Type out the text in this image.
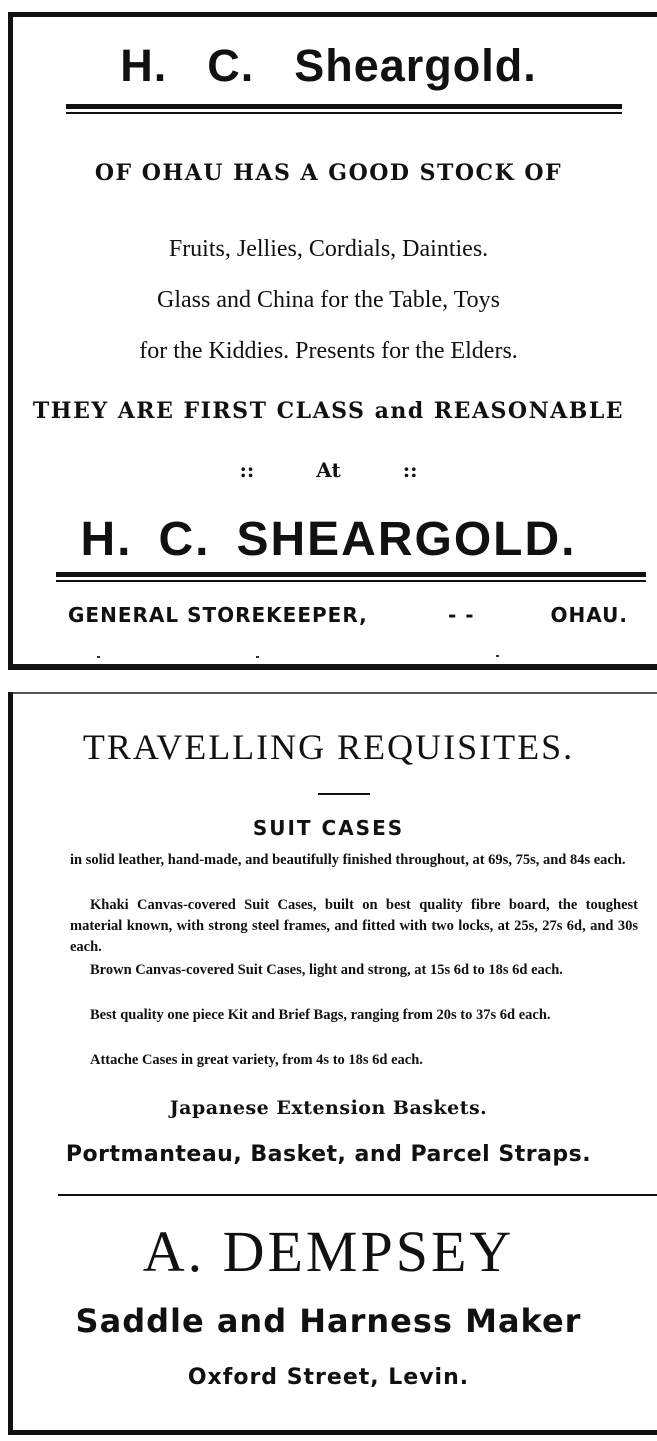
H. C. Sheargold.
OF OHAU HAS A GOOD STOCK OF
Fruits, Jellies, Cordials, Dainties.
Glass and China for the Table, Toys
for the Kiddies. Presents for the Elders.
THEY ARE FIRST CLASS and REASONABLE
::	At	::
H. C. SHEARGOLD.
GENERAL STOREKEEPER,	- -	OHAU.
TRAVELLING REQUISITES.
SUIT CASES
in solid leather, hand-made, and beautifully finished throughout, at 69s, 75s, and 84s each.
Khaki Canvas-covered Suit Cases, built on best quality fibre board, the toughest material known, with strong steel frames, and fitted with two locks, at 25s, 27s 6d, and 30s each.
Brown Canvas-covered Suit Cases, light and strong, at 15s 6d to 18s 6d each.
Best quality one piece Kit and Brief Bags, ranging from 20s to 37s 6d each.
Attache Cases in great variety, from 4s to 18s 6d each.
Japanese Extension Baskets.
Portmanteau, Basket, and Parcel Straps.
A. DEMPSEY
Saddle and Harness Maker
Oxford Street, Levin.
